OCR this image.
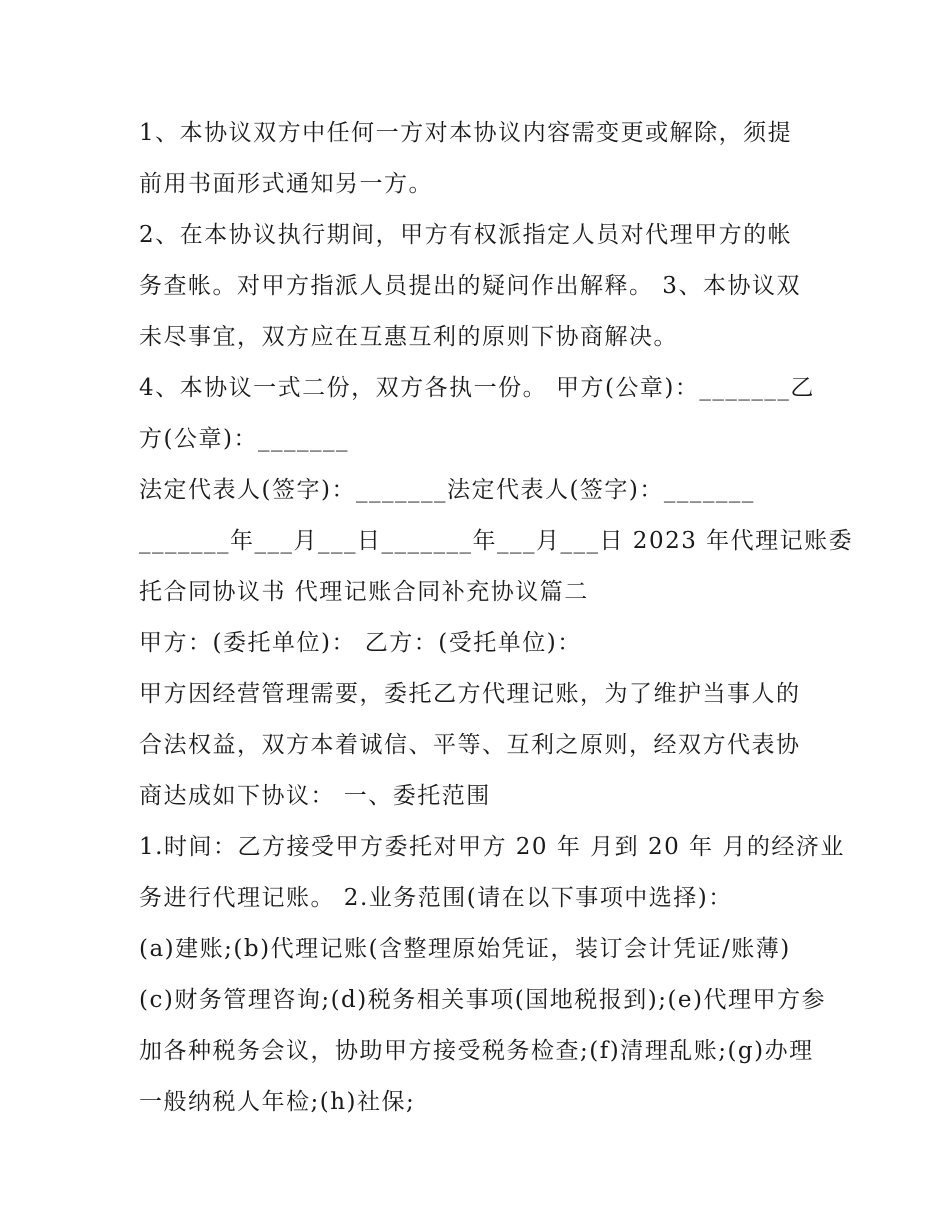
1、本协议双方中任何一方对本协议内容需变更或解除，须提
前用书面形式通知另一方。
2、在本协议执行期间，甲方有权派指定人员对代理甲方的帐
务查帐。对甲方指派人员提出的疑问作出解释。 3、本协议双
未尽事宜，双方应在互惠互利的原则下协商解决。
4、本协议一式二份，双方各执一份。 甲方(公章)：_______乙
方(公章)：_______
法定代表人(签字)：_______法定代表人(签字)：_______
_______年___月___日_______年___月___日 2023 年代理记账委
托合同协议书 代理记账合同补充协议篇二
甲方：(委托单位)： 乙方：(受托单位)：
甲方因经营管理需要，委托乙方代理记账，为了维护当事人的
合法权益，双方本着诚信、平等、互利之原则，经双方代表协
商达成如下协议： 一、委托范围
1.时间：乙方接受甲方委托对甲方 20 年 月到 20 年 月的经济业
务进行代理记账。 2.业务范围(请在以下事项中选择)：
(a)建账;(b)代理记账(含整理原始凭证，装订会计凭证/账薄)
(c)财务管理咨询;(d)税务相关事项(国地税报到);(e)代理甲方参
加各种税务会议，协助甲方接受税务检查;(f)清理乱账;(g)办理
一般纳税人年检;(h)社保;
